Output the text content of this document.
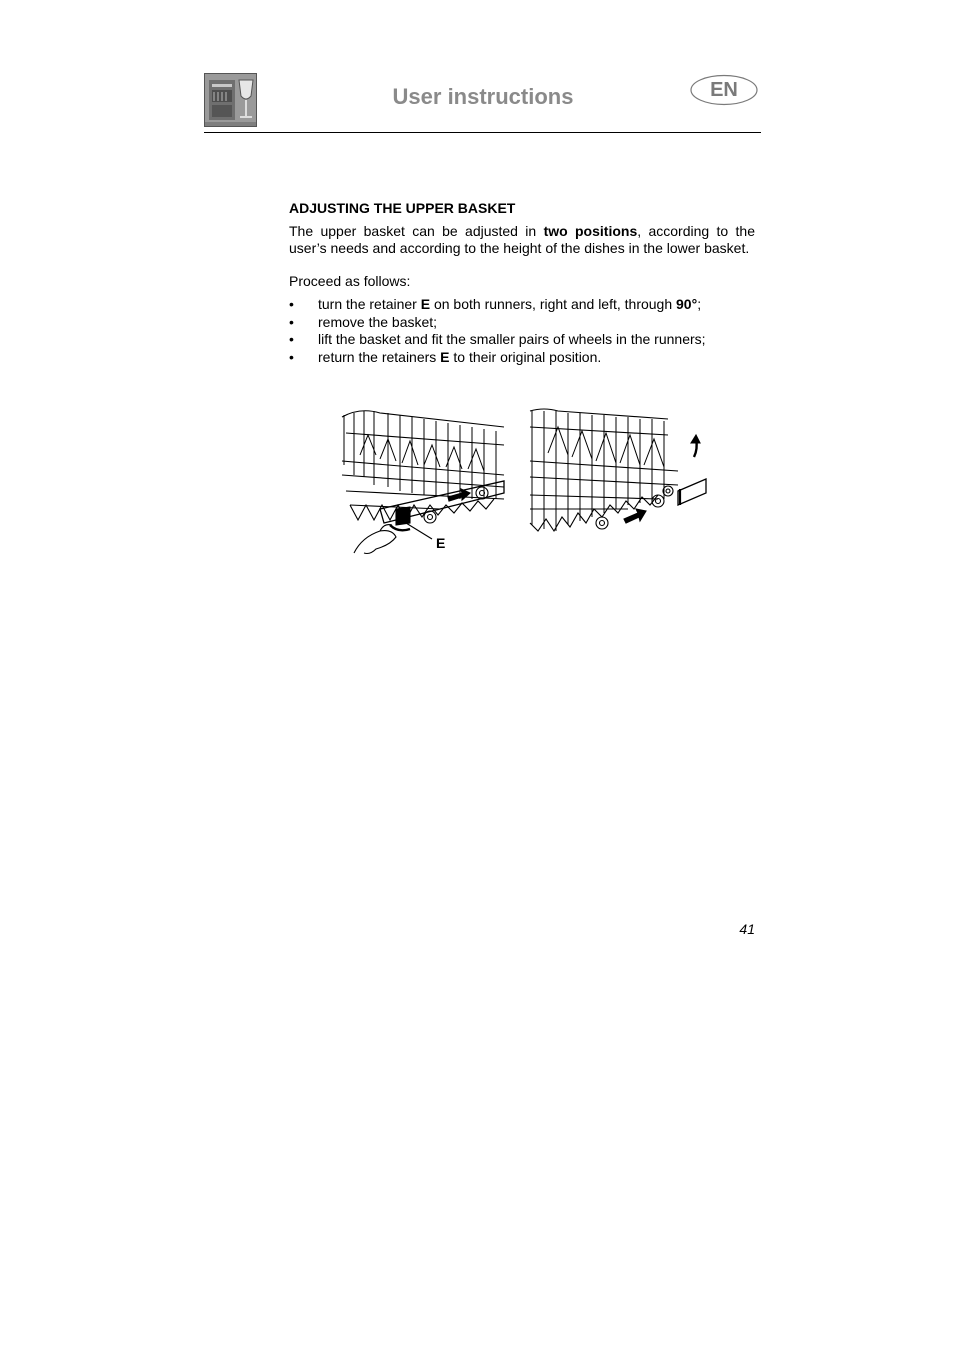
User instructions	EN
ADJUSTING THE UPPER BASKET

The upper basket can be adjusted in two positions, according to the user’s needs and according to the height of the dishes in the lower basket.

Proceed as follows:

• turn the retainer E on both runners, right and left, through 90°;
• remove the basket;
• lift the basket and fit the smaller pairs of wheels in the runners;
• return the retainers E to their original position.
E
41
